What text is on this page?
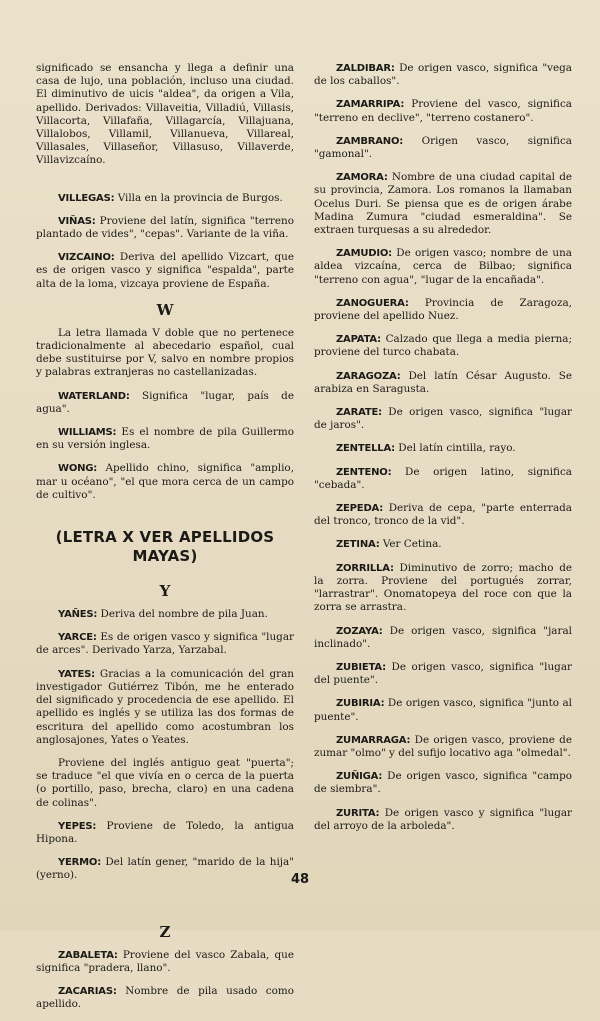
significado se ensancha y llega a definir una casa de lujo, una población, incluso una ciudad. El diminutivo de uicis "aldea", da origen a Vila, apellido. Derivados: Villaveitia, Villadiú, Villasis, Villacorta, Villafaña, Villagarcía, Villajuana, Villalobos, Villamil, Villanueva, Villareal, Villasales, Villaseñor, Villasuso, Villaverde, Villavizcaíno.

VILLEGAS: Villa en la provincia de Burgos.

VIÑAS: Proviene del latín, significa "terreno plantado de vides", "cepas". Variante de la viña.

VIZCAINO: Deriva del apellido Vizcart, que es de origen vasco y significa "espalda", parte alta de la loma, vizcaya proviene de España.

W

La letra llamada V doble que no pertenece tradicionalmente al abecedario español, cual debe sustituirse por V, salvo en nombre propios y palabras extranjeras no castellanizadas.

WATERLAND: Significa "lugar, país de agua".

WILLIAMS: Es el nombre de pila Guillermo en su versión inglesa.

WONG: Apellido chino, significa "amplio, mar u océano", "el que mora cerca de un campo de cultivo".

(LETRA X VER APELLIDOS MAYAS)
Y

YAÑES: Deriva del nombre de pila Juan.

YARCE: Es de origen vasco y significa "lugar de arces". Derivado Yarza, Yarzabal.

YATES: Gracias a la comunicación del gran investigador Gutiérrez Tibón, me he enterado del significado y procedencia de ese apellido. El apellido es inglés y se utiliza las dos formas de escritura del apellido como acostumbran los anglosajones, Yates o Yeates.

Proviene del inglés antiguo geat "puerta"; se traduce "el que vivía en o cerca de la puerta (o portillo, paso, brecha, claro) en una cadena de colinas".

YEPES: Proviene de Toledo, la antigua Hipona.

YERMO: Del latín gener, "marido de la hija" (yerno).

Z

ZABALETA: Proviene del vasco Zabala, que significa "pradera, llano".

ZACARIAS: Nombre de pila usado como apellido.

ZALDIBAR: De origen vasco, significa "vega de los caballos".

ZAMARRIPA: Proviene del vasco, significa "terreno en declive", "terreno costanero".

ZAMBRANO: Origen vasco, significa "gamonal".

ZAMORA: Nombre de una ciudad capital de su provincia, Zamora. Los romanos la llamaban Ocelus Duri. Se piensa que es de origen árabe Madina Zumura "ciudad esmeraldina". Se extraen turquesas a su alrededor.

ZAMUDIO: De origen vasco; nombre de una aldea vizcaína, cerca de Bilbao; significa "terreno con agua", "lugar de la encañada".

ZANOGUERA: Provincia de Zaragoza, proviene del apellido Nuez.

ZAPATA: Calzado que llega a media pierna; proviene del turco chabata.

ZARAGOZA: Del latín César Augusto. Se arabiza en Saragusta.

ZARATE: De origen vasco, significa "lugar de jaros".

ZENTELLA: Del latín cintilla, rayo.

ZENTENO: De origen latino, significa "cebada".

ZEPEDA: Deriva de cepa, "parte enterrada del tronco, tronco de la vid".

ZETINA: Ver Cetina.

ZORRILLA: Diminutivo de zorro; macho de la zorra. Proviene del portugués zorrar, "larrastrar". Onomatopeya del roce con que la zorra se arrastra.

ZOZAYA: De origen vasco, significa "jaral inclinado".

ZUBIETA: De origen vasco, significa "lugar del puente".

ZUBIRIA: De origen vasco, significa "junto al puente".

ZUMARRAGA: De origen vasco, proviene de zumar "olmo" y del sufijo locativo aga "olmedal".

ZUÑIGA: De origen vasco, significa "campo de siembra".

ZURITA: De origen vasco y significa "lugar del arroyo de la arboleda".

48
